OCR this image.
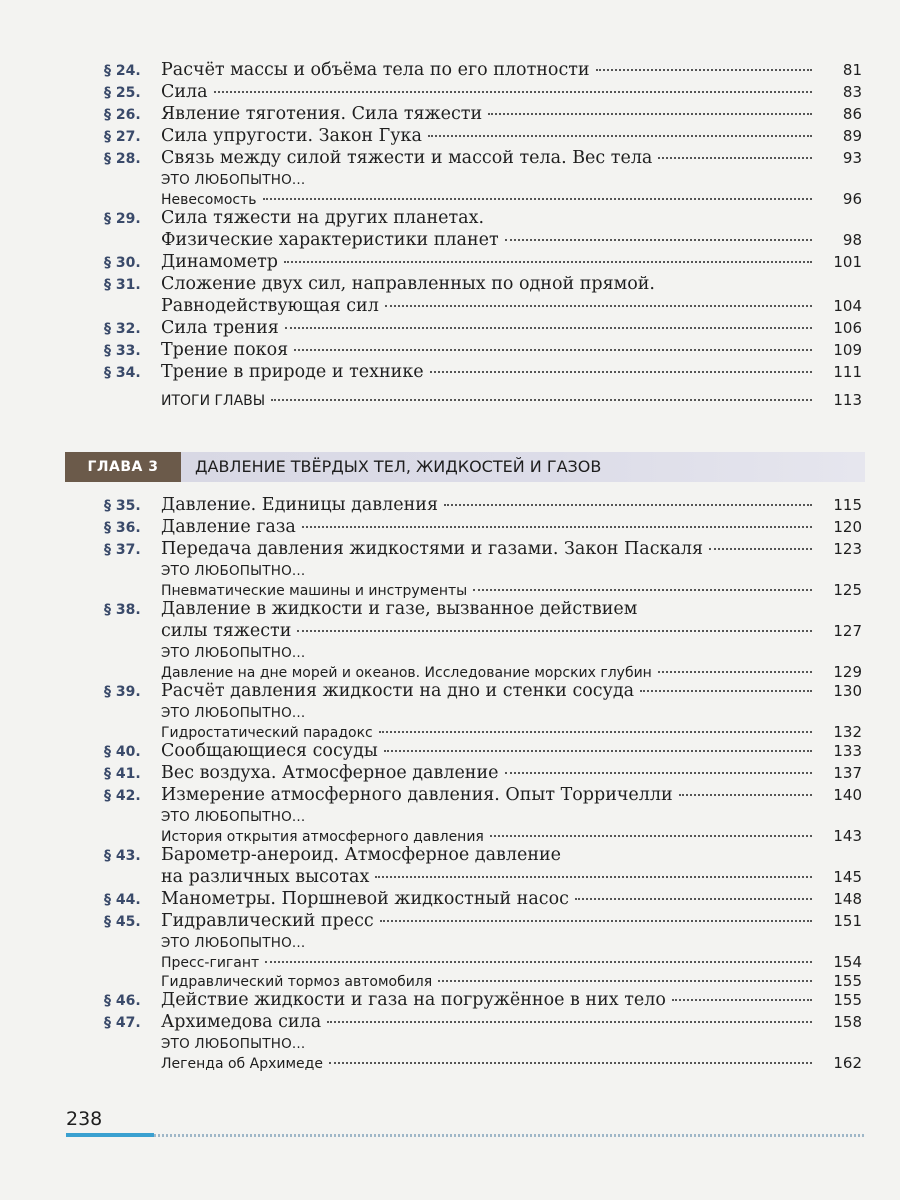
§ 24.	Расчёт массы и объёма тела по его плотности	81
§ 25.	Сила	83
§ 26.	Явление тяготения. Сила тяжести	86
§ 27.	Сила упругости. Закон Гука	89
§ 28.	Связь между силой тяжести и массой тела. Вес тела	93
ЭТО ЛЮБОПЫТНО...
Невесомость	96
§ 29.	Сила тяжести на других планетах.
Физические характеристики планет	98
§ 30.	Динамометр	101
§ 31.	Сложение двух сил, направленных по одной прямой.
Равнодействующая сил	104
§ 32.	Сила трения	106
§ 33.	Трение покоя	109
§ 34.	Трение в природе и технике	111
ИТОГИ ГЛАВЫ	113
ГЛАВА 3	ДАВЛЕНИЕ ТВЁРДЫХ ТЕЛ, ЖИДКОСТЕЙ И ГАЗОВ
§ 35.	Давление. Единицы давления	115
§ 36.	Давление газа	120
§ 37.	Передача давления жидкостями и газами. Закон Паскаля	123
ЭТО ЛЮБОПЫТНО...
Пневматические машины и инструменты	125
§ 38.	Давление в жидкости и газе, вызванное действием
силы тяжести	127
ЭТО ЛЮБОПЫТНО...
Давление на дне морей и океанов. Исследование морских глубин	129
§ 39.	Расчёт давления жидкости на дно и стенки сосуда	130
ЭТО ЛЮБОПЫТНО...
Гидростатический парадокс	132
§ 40.	Сообщающиеся сосуды	133
§ 41.	Вес воздуха. Атмосферное давление	137
§ 42.	Измерение атмосферного давления. Опыт Торричелли	140
ЭТО ЛЮБОПЫТНО...
История открытия атмосферного давления	143
§ 43.	Барометр-анероид. Атмосферное давление
на различных высотах	145
§ 44.	Манометры. Поршневой жидкостный насос	148
§ 45.	Гидравлический пресс	151
ЭТО ЛЮБОПЫТНО...
Пресс-гигант	154
Гидравлический тормоз автомобиля	155
§ 46.	Действие жидкости и газа на погружённое в них тело	155
§ 47.	Архимедова сила	158
ЭТО ЛЮБОПЫТНО...
Легенда об Архимеде	162
238
